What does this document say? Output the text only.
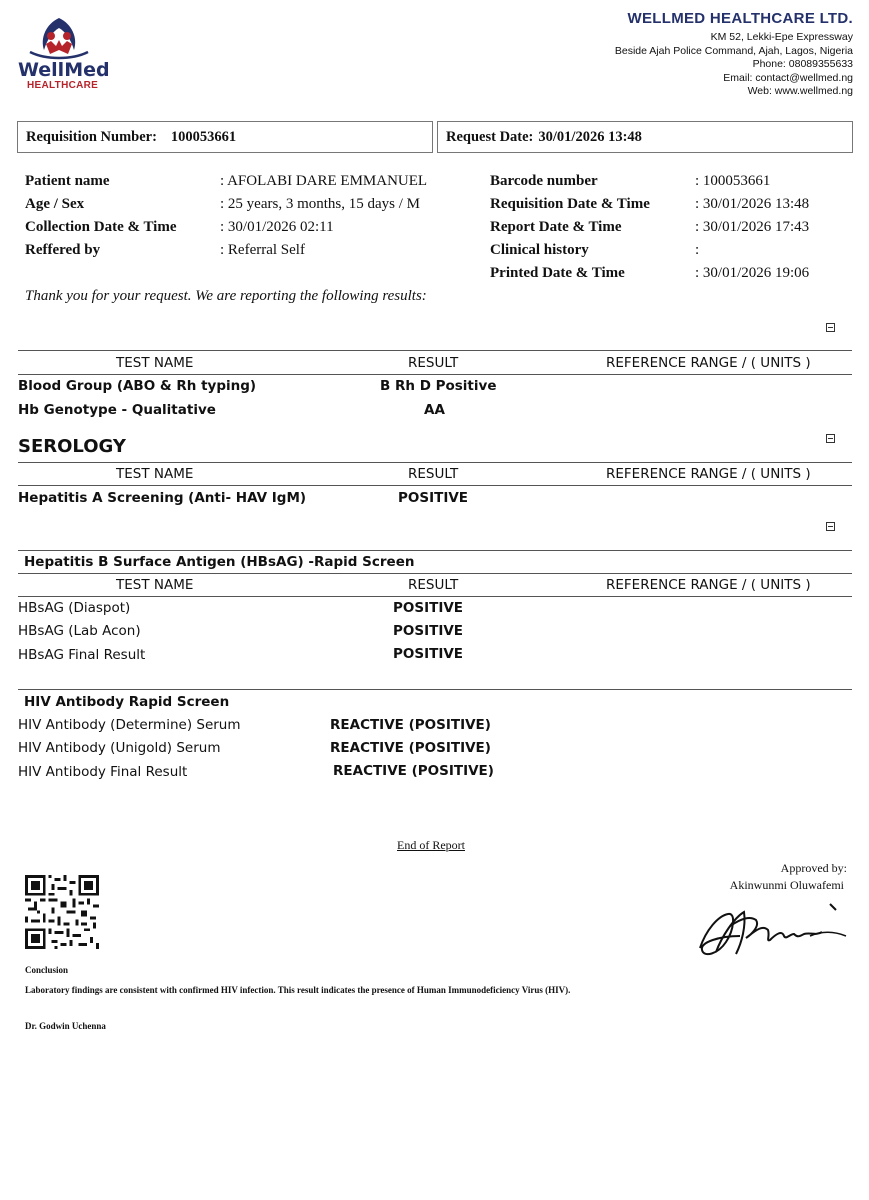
WellMed
HEALTHCARE
WELLMED HEALTHCARE LTD.
KM 52, Lekki-Epe Expressway
Beside Ajah Police Command, Ajah, Lagos, Nigeria
Phone: 08089355633
Email: contact@wellmed.ng
Web: www.wellmed.ng
Requisition Number: 100053661	Request Date: 30/01/2026 13:48
Patient name	: AFOLABI DARE EMMANUEL
Age / Sex	: 25 years, 3 months, 15 days / M
Collection Date & Time	: 30/01/2026 02:11
Reffered by	: Referral Self
Barcode number	: 100053661
Requisition Date & Time	: 30/01/2026 13:48
Report Date & Time	: 30/01/2026 17:43
Clinical history	:
Printed Date & Time	: 30/01/2026 19:06
Thank you for your request. We are reporting the following results:
TEST NAME	RESULT	REFERENCE RANGE / ( UNITS )
Blood Group (ABO & Rh typing)	B Rh D Positive
Hb Genotype - Qualitative	AA
SEROLOGY
TEST NAME	RESULT	REFERENCE RANGE / ( UNITS )
Hepatitis A Screening (Anti- HAV IgM)	POSITIVE
Hepatitis B Surface Antigen (HBsAG) -Rapid Screen
TEST NAME	RESULT	REFERENCE RANGE / ( UNITS )
HBsAG (Diaspot)	POSITIVE
HBsAG (Lab Acon)	POSITIVE
HBsAG Final Result	POSITIVE
HIV Antibody Rapid Screen
HIV Antibody (Determine) Serum	REACTIVE (POSITIVE)
HIV Antibody (Unigold) Serum	REACTIVE (POSITIVE)
HIV Antibody Final Result	REACTIVE (POSITIVE)
End of Report
Approved by:
Akinwunmi Oluwafemi
Conclusion
Laboratory findings are consistent with confirmed HIV infection. This result indicates the presence of Human Immunodeficiency Virus (HIV).
Dr. Godwin Uchenna
